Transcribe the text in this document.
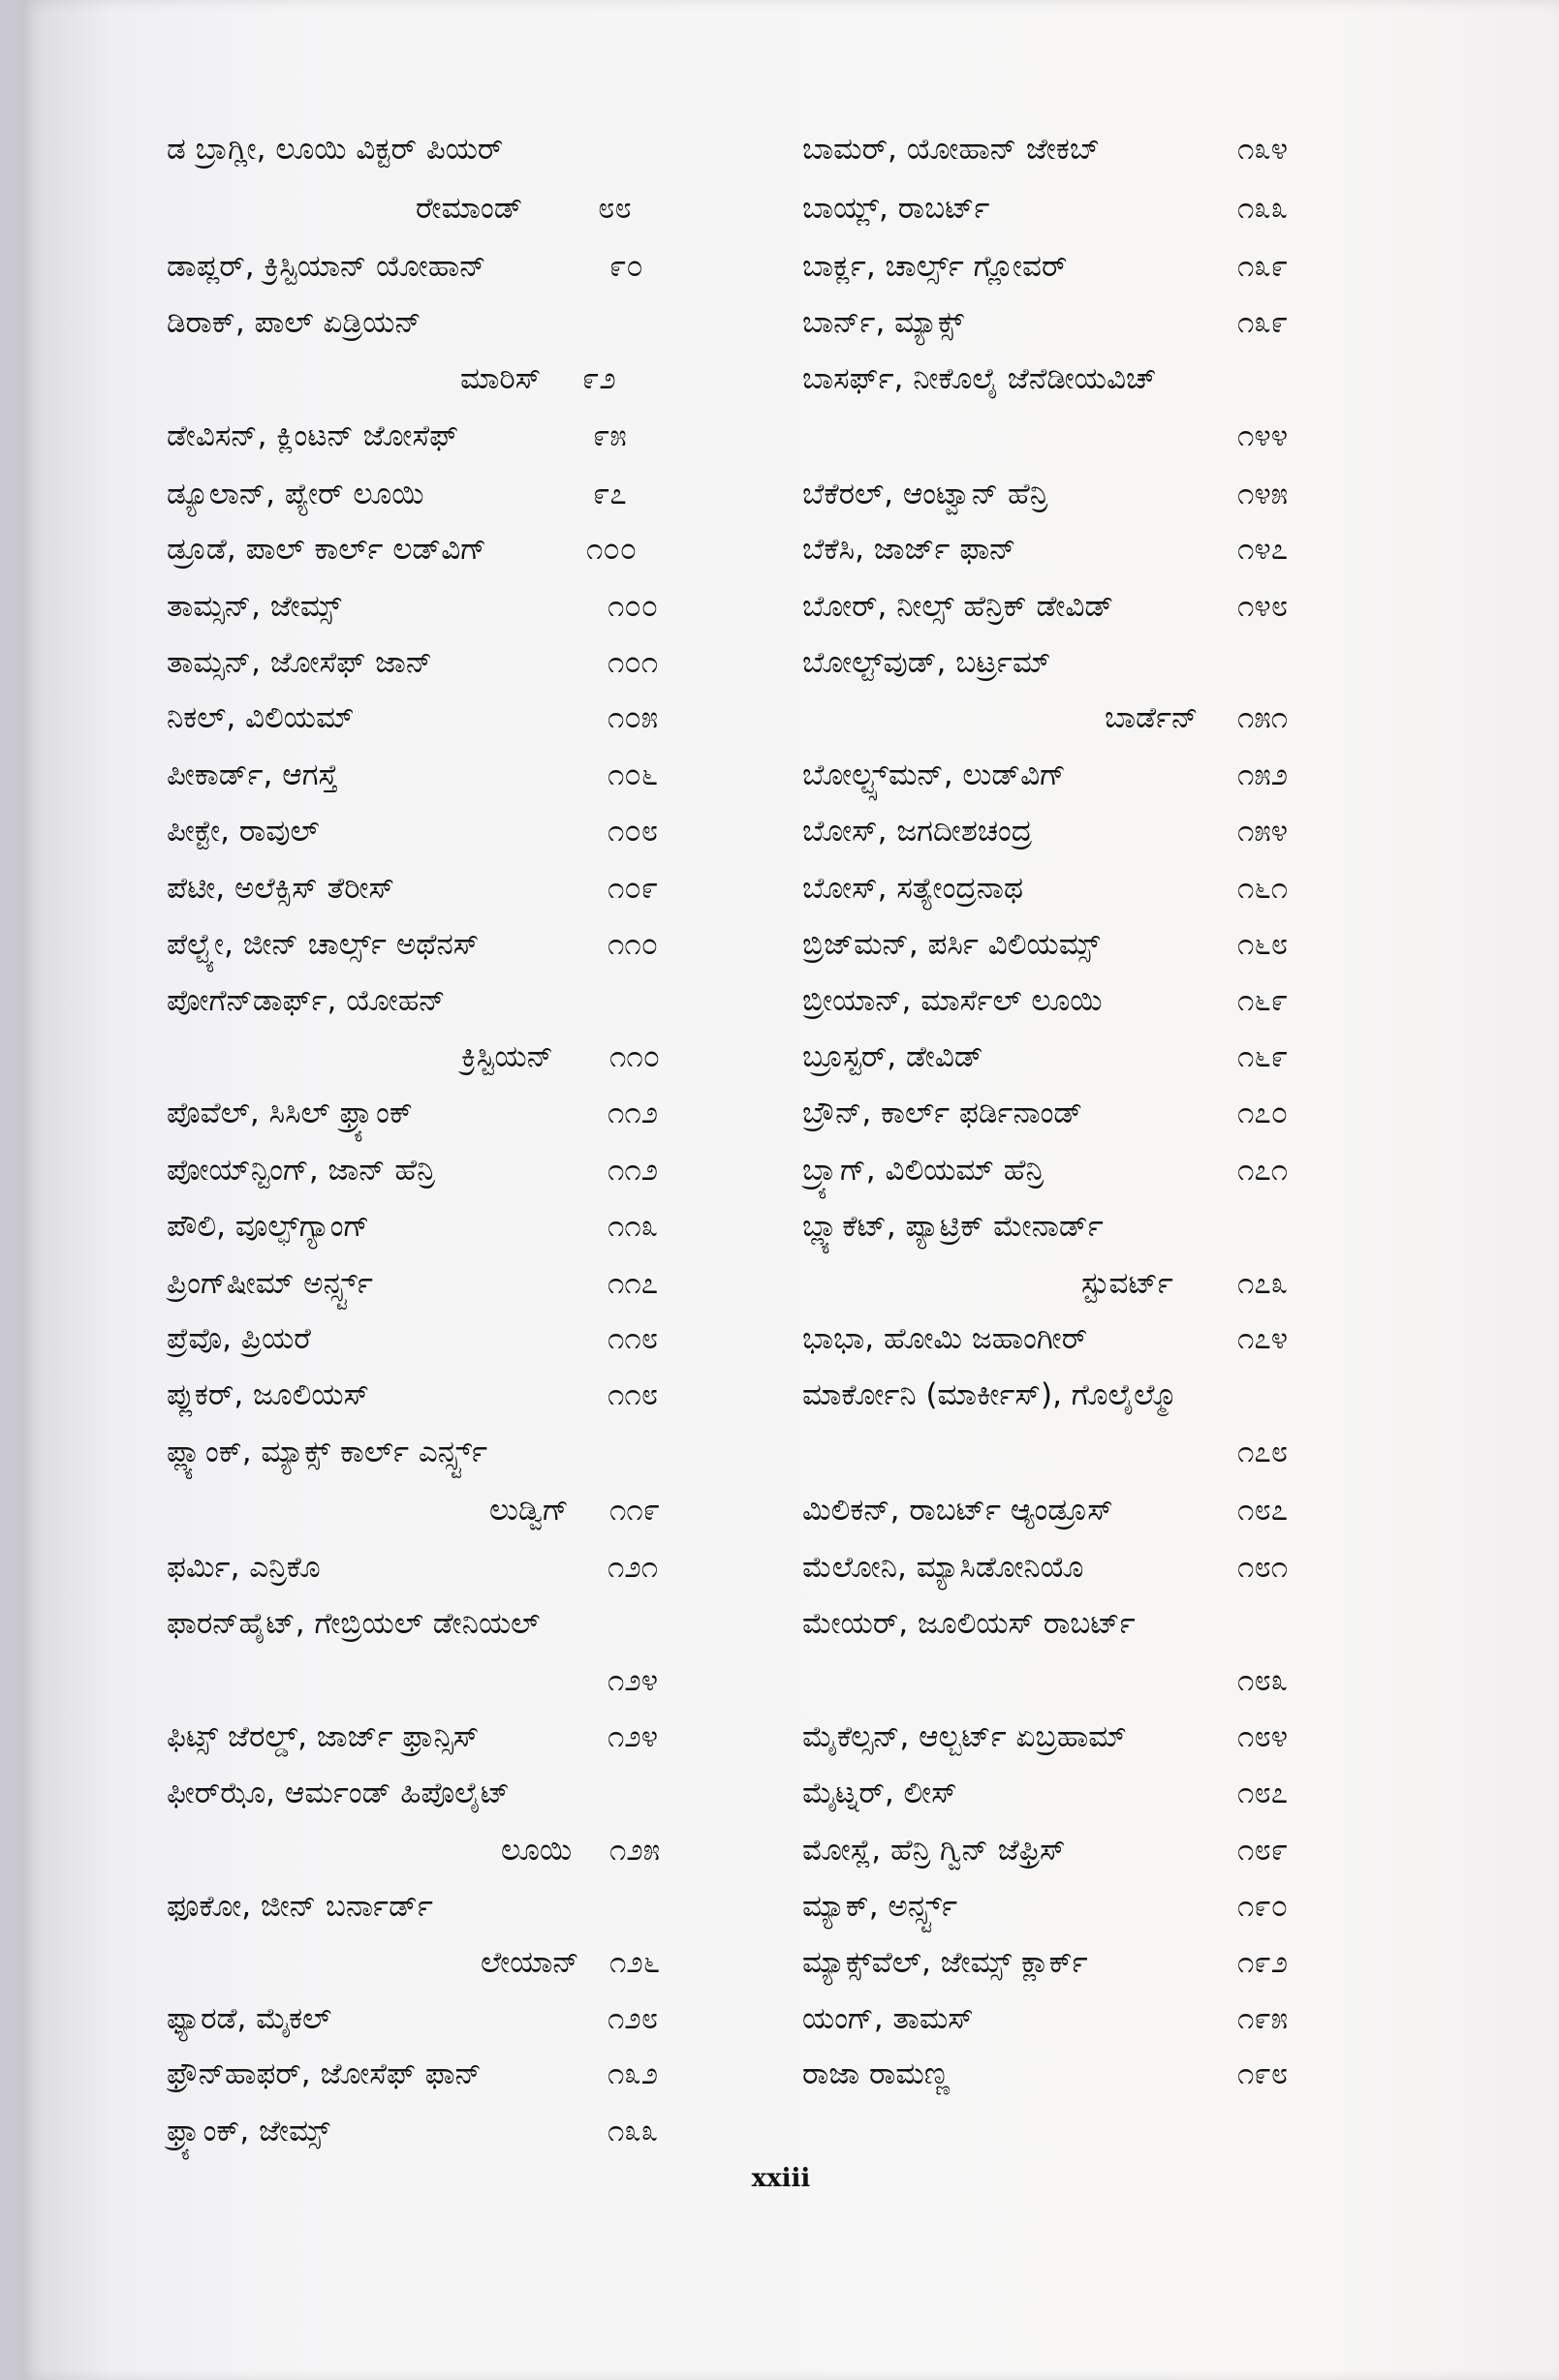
ಡ ಬ್ರಾಗ್ಲೀ, ಲೂಯಿ ವಿಕ್ಟರ್ ಪಿಯರ್
ರೇಮಾಂಡ್ ೮೮
ಡಾಪ್ಲರ್, ಕ್ರಿಸ್ಟಿಯಾನ್ ಯೋಹಾನ್	೯೦
ಡಿರಾಕ್, ಪಾಲ್ ಏಡ್ರಿಯನ್
ಮಾರಿಸ್ ೯೨
ಡೇವಿಸನ್, ಕ್ಲಿಂಟನ್ ಜೋಸೆಫ್	೯೫
ಡ್ಯೂಲಾನ್, ಪ್ಯೇರ್ ಲೂಯಿ	೯೭
ಡ್ರೂಡೆ, ಪಾಲ್ ಕಾರ್ಲ್ ಲಡ್‌ವಿಗ್	೧೦೦
ತಾಮ್ಸನ್, ಜೇಮ್ಸ್	೧೦೦
ತಾಮ್ಸನ್, ಜೋಸೆಫ್ ಜಾನ್	೧೦೧
ನಿಕಲ್, ವಿಲಿಯಮ್	೧೦೫
ಪೀಕಾರ್ಡ್, ಆಗಸ್ತೆ	೧೦೬
ಪೀಕ್ಟೇ, ರಾವುಲ್	೧೦೮
ಪೆಟೀ, ಅಲೆಕ್ಸಿಸ್ ತೆರೀಸ್	೧೦೯
ಪೆಲ್ಟ್ಯೇ, ಜೀನ್ ಚಾರ್ಲ್ಸ್ ಅಥೆನಸ್	೧೧೦
ಪೋಗೆನ್‌ಡಾರ್ಫ್, ಯೋಹನ್
ಕ್ರಿಸ್ಟಿಯನ್ ೧೧೦
ಪೊವೆಲ್, ಸಿಸಿಲ್ ಫ್ರ್ಯಾಂಕ್	೧೧೨
ಪೋಯ್‌ನ್ಟಿಂಗ್, ಜಾನ್ ಹೆನ್ರಿ	೧೧೨
ಪೌಲಿ, ವೂಲ್ಫ್‌ಗ್ಯಾಂಗ್	೧೧೩
ಪ್ರಿಂಗ್‌ಷೀಮ್ ಅರ್ನ್ಸ್ಟ್	೧೧೭
ಪ್ರೆವೊ, ಪ್ರಿಯರೆ	೧೧೮
ಪ್ಲುಕರ್, ಜೂಲಿಯಸ್	೧೧೮
ಪ್ಲ್ಯಾಂಕ್, ಮ್ಯಾಕ್ಸ್ ಕಾರ್ಲ್ ಎರ್ನ್ಸ್ಟ್
ಲುಡ್ವಿಗ್ ೧೧೯
ಫರ್ಮಿ, ಎನ್ರಿಕೊ	೧೨೧
ಫಾರನ್‌ಹೈಟ್, ಗೇಬ್ರಿಯಲ್ ಡೇನಿಯಲ್
೧೨೪
ಫಿಟ್ಸ್ ಜೆರಲ್ಡ್, ಜಾರ್ಜ್ ಫ್ರಾನ್ಸಿಸ್	೧೨೪
ಫೀರ್‌ಝೊ, ಆರ್ಮಂಡ್ ಹಿಪೊಲೈಟ್
ಲೂಯಿ ೧೨೫
ಫೂಕೋ, ಜೀನ್ ಬರ್ನಾರ್ಡ್
ಲೇಯಾನ್ ೧೨೬
ಫ್ಯಾರಡೆ, ಮೈಕಲ್	೧೨೮
ಫ್ರೌನ್‌ಹಾಫರ್, ಜೋಸೆಫ್ ಫಾನ್	೧೩೨
ಫ್ರ್ಯಾಂಕ್, ಜೇಮ್ಸ್	೧೩೩
ಬಾಮರ್, ಯೋಹಾನ್ ಜೇಕಬ್	೧೩೪
ಬಾಯ್ಲ್, ರಾಬರ್ಟ್	೧೩೩
ಬಾರ್ಕ್ಲ, ಚಾರ್ಲ್ಸ್ ಗ್ಲೋವರ್	೧೩೯
ಬಾರ್ನ್, ಮ್ಯಾಕ್ಸ್	೧೩೯
ಬಾಸರ್ಫ್, ನೀಕೊಲೈ ಜೆನೆಡೀಯವಿಚ್
೧೪೪
ಬೆಕೆರಲ್, ಆಂಟ್ವಾನ್ ಹೆನ್ರಿ	೧೪೫
ಬೆಕೆಸಿ, ಜಾರ್ಜ್ ಫಾನ್	೧೪೭
ಬೋರ್, ನೀಲ್ಸ್ ಹೆನ್ರಿಕ್ ಡೇವಿಡ್	೧೪೮
ಬೋಲ್ಟ್‌ವುಡ್, ಬರ್ಟ್ರಮ್
ಬಾರ್ಡೆನ್ ೧೫೧
ಬೋಲ್ಟ್ಸ್‌ಮನ್, ಲುಡ್‌ವಿಗ್	೧೫೨
ಬೋಸ್, ಜಗದೀಶಚಂದ್ರ	೧೫೪
ಬೋಸ್, ಸತ್ಯೇಂದ್ರನಾಥ	೧೬೧
ಬ್ರಿಜ್‌ಮನ್, ಪರ್ಸಿ ವಿಲಿಯಮ್ಸ್	೧೬೮
ಬ್ರೀಯಾನ್, ಮಾರ್ಸೆಲ್ ಲೂಯಿ	೧೬೯
ಬ್ರೂಸ್ಟರ್, ಡೇವಿಡ್	೧೬೯
ಬ್ರೌನ್, ಕಾರ್ಲ್ ಫರ್ಡಿನಾಂಡ್	೧೭೦
ಬ್ರ್ಯಾಗ್, ವಿಲಿಯಮ್ ಹೆನ್ರಿ	೧೭೧
ಬ್ಲ್ಯಾಕೆಟ್, ಪ್ಯಾಟ್ರಿಕ್ ಮೇನಾರ್ಡ್
ಸ್ಟುವರ್ಟ್ ೧೭೩
ಭಾಭಾ, ಹೋಮಿ ಜಹಾಂಗೀರ್	೧೭೪
ಮಾರ್ಕೋನಿ (ಮಾರ್ಕೀಸ್), ಗೊಲೈಲ್ಮೊ
೧೭೮
ಮಿಲಿಕನ್, ರಾಬರ್ಟ್ ಆ್ಯಂಡ್ರೂಸ್	೧೮೭
ಮೆಲೋನಿ, ಮ್ಯಾಸಿಡೋನಿಯೊ	೧೮೧
ಮೇಯರ್, ಜೂಲಿಯಸ್ ರಾಬರ್ಟ್
೧೮೩
ಮೈಕೆಲ್ಸನ್, ಆಲ್ಬರ್ಟ್ ಏಬ್ರಹಾಮ್	೧೮೪
ಮೈಟ್ನರ್, ಲೀಸ್	೧೮೭
ಮೋಸ್ಲೆ, ಹೆನ್ರಿ ಗ್ವಿನ್ ಜೆಫ್ರಿಸ್	೧೮೯
ಮ್ಯಾಕ್, ಅರ್ನ್ಸ್ಟ್	೧೯೦
ಮ್ಯಾಕ್ಸ್‌ವೆಲ್, ಜೇಮ್ಸ್ ಕ್ಲಾರ್ಕ್	೧೯೨
ಯಂಗ್, ತಾಮಸ್	೧೯೫
ರಾಜಾ ರಾಮಣ್ಣ	೧೯೮
xxiii
